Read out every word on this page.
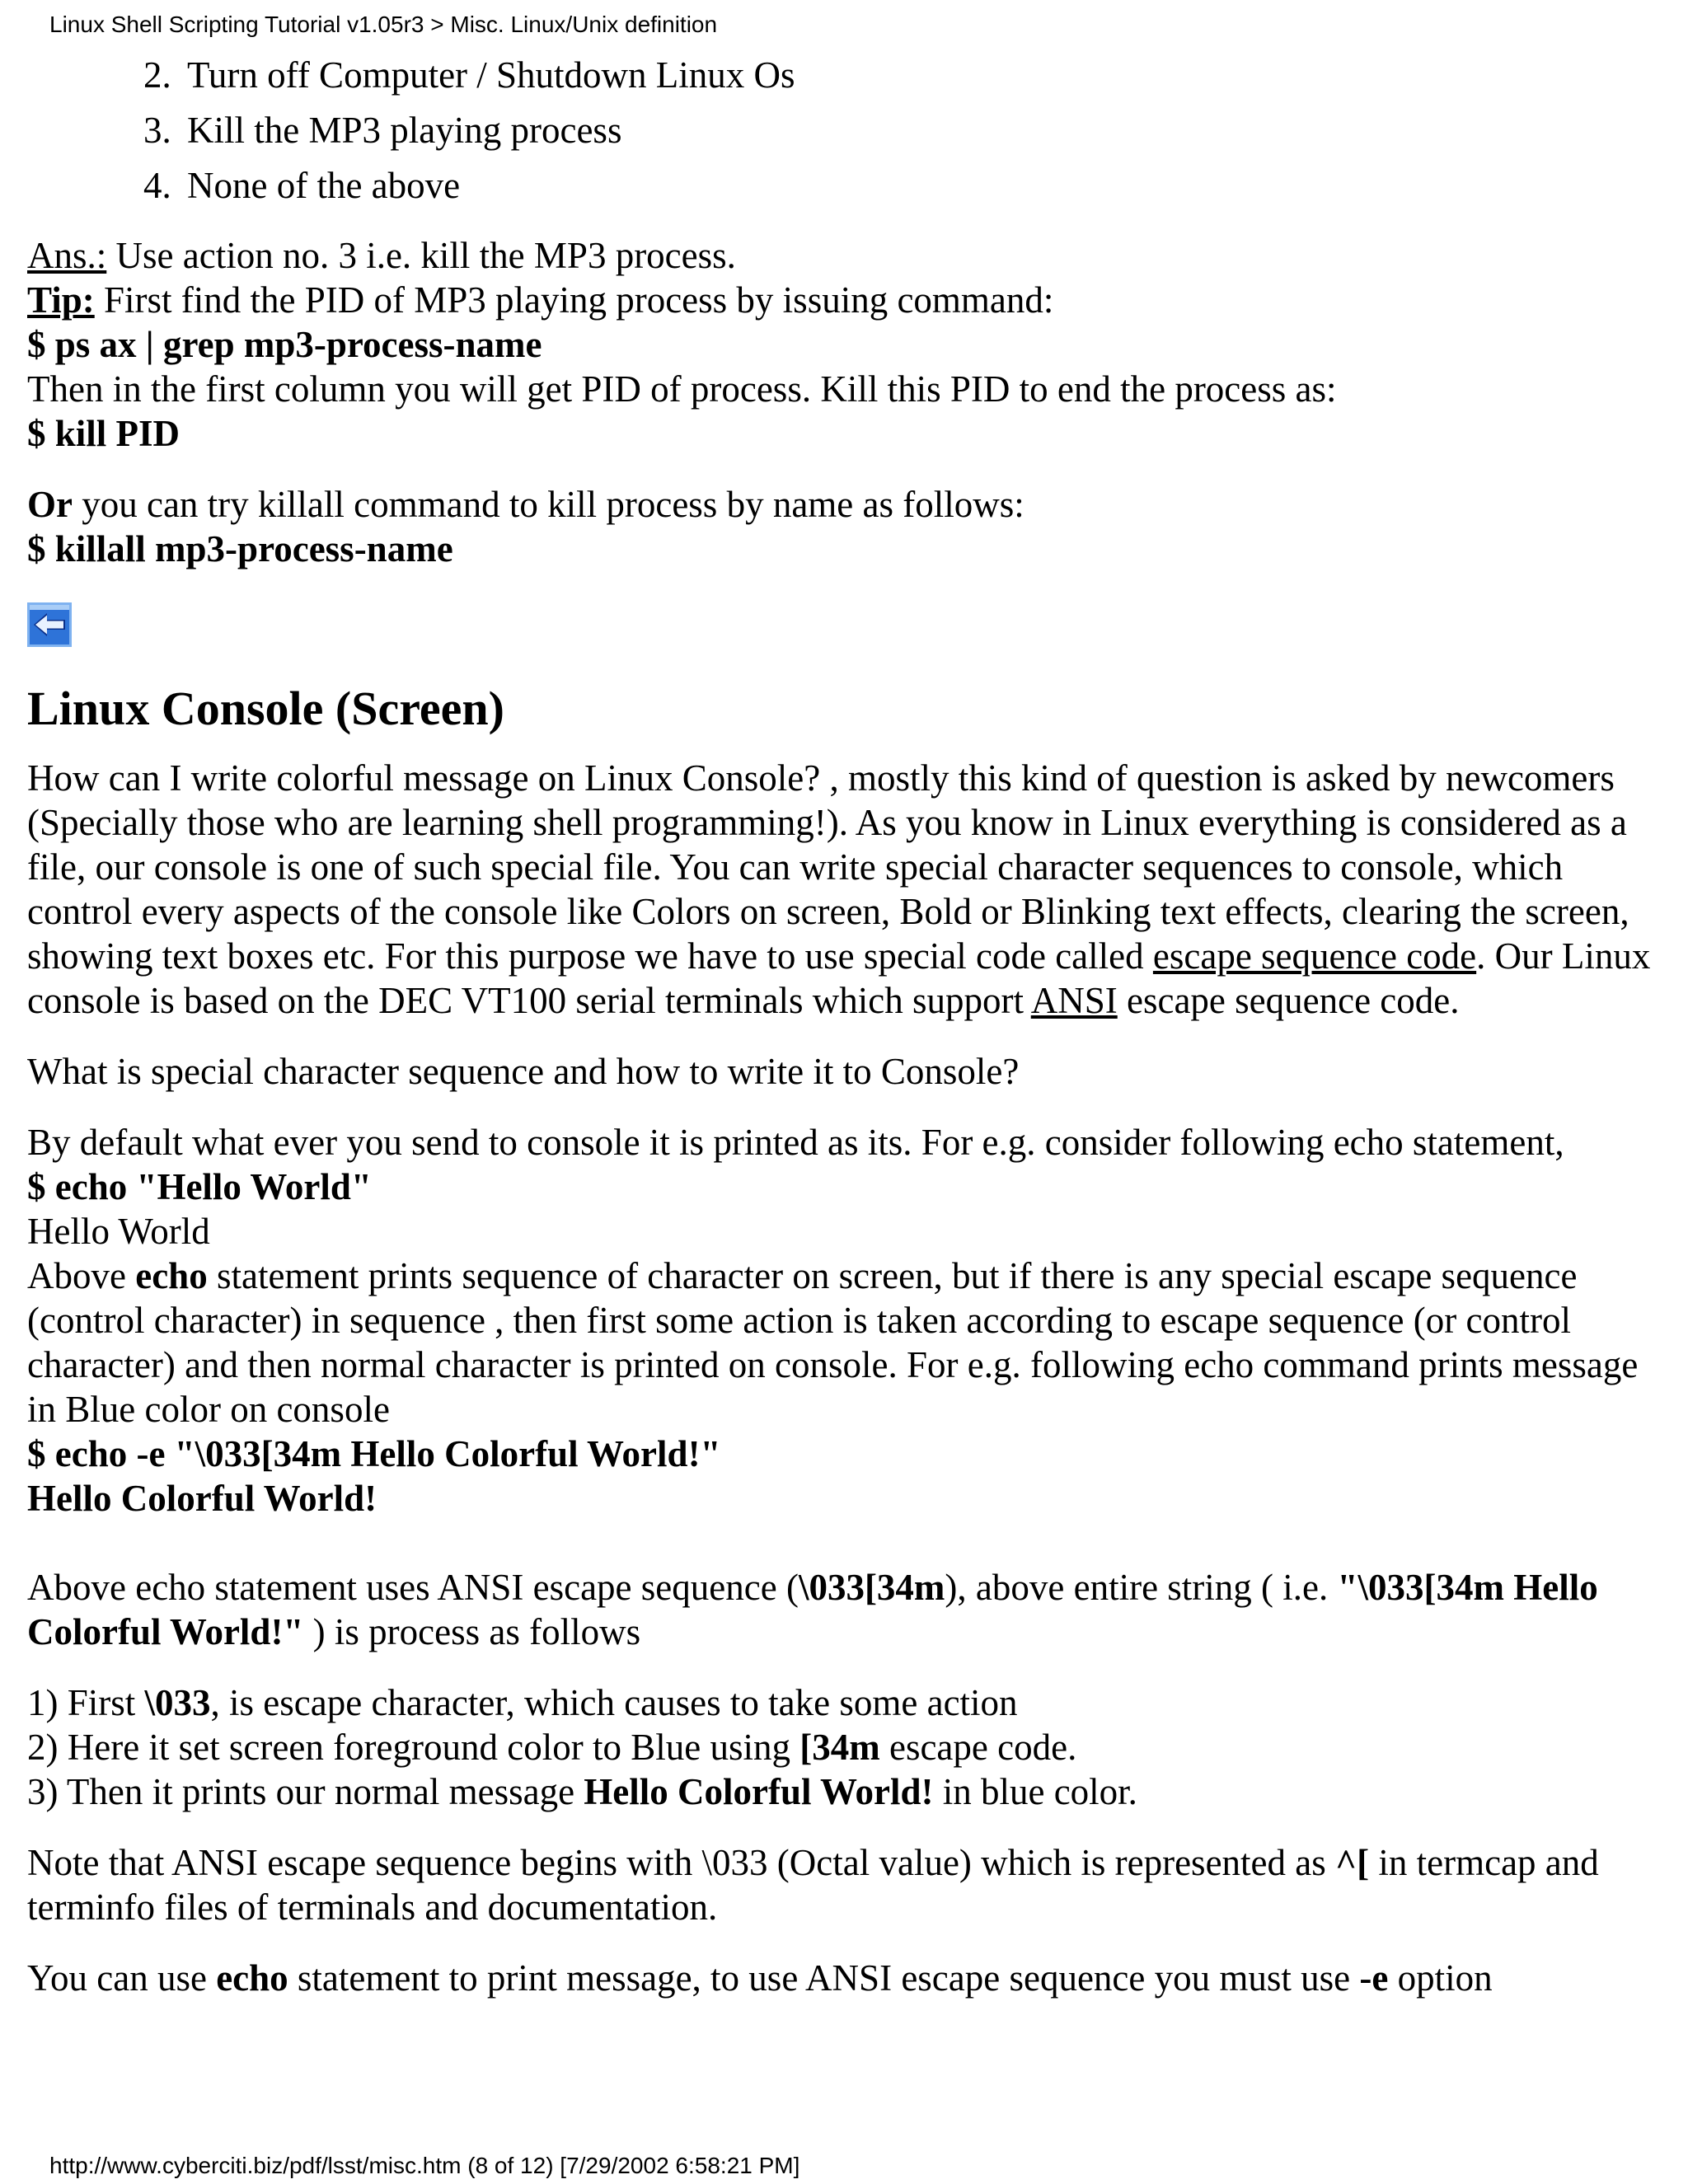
Linux Shell Scripting Tutorial v1.05r3 > Misc. Linux/Unix definition
2. Turn off Computer / Shutdown Linux Os
3. Kill the MP3 playing process
4. None of the above

Ans.: Use action no. 3 i.e. kill the MP3 process.
Tip: First find the PID of MP3 playing process by issuing command:
$ ps ax | grep mp3-process-name
Then in the first column you will get PID of process. Kill this PID to end the process as:
$ kill PID

Or you can try killall command to kill process by name as follows:
$ killall mp3-process-name

Linux Console (Screen)

How can I write colorful message on Linux Console? , mostly this kind of question is asked by newcomers (Specially those who are learning shell programming!). As you know in Linux everything is considered as a file, our console is one of such special file. You can write special character sequences to console, which control every aspects of the console like Colors on screen, Bold or Blinking text effects, clearing the screen, showing text boxes etc. For this purpose we have to use special code called escape sequence code. Our Linux console is based on the DEC VT100 serial terminals which support ANSI escape sequence code.

What is special character sequence and how to write it to Console?

By default what ever you send to console it is printed as its. For e.g. consider following echo statement,
$ echo "Hello World"
Hello World
Above echo statement prints sequence of character on screen, but if there is any special escape sequence (control character) in sequence , then first some action is taken according to escape sequence (or control character) and then normal character is printed on console. For e.g. following echo command prints message in Blue color on console
$ echo -e "\033[34m Hello Colorful World!"
Hello Colorful World!

Above echo statement uses ANSI escape sequence (\033[34m), above entire string ( i.e. "\033[34m Hello Colorful World!" ) is process as follows

1) First \033, is escape character, which causes to take some action
2) Here it set screen foreground color to Blue using [34m escape code.
3) Then it prints our normal message Hello Colorful World! in blue color.

Note that ANSI escape sequence begins with \033 (Octal value) which is represented as ^[ in termcap and terminfo files of terminals and documentation.

You can use echo statement to print message, to use ANSI escape sequence you must use -e option

http://www.cyberciti.biz/pdf/lsst/misc.htm (8 of 12) [7/29/2002 6:58:21 PM]
